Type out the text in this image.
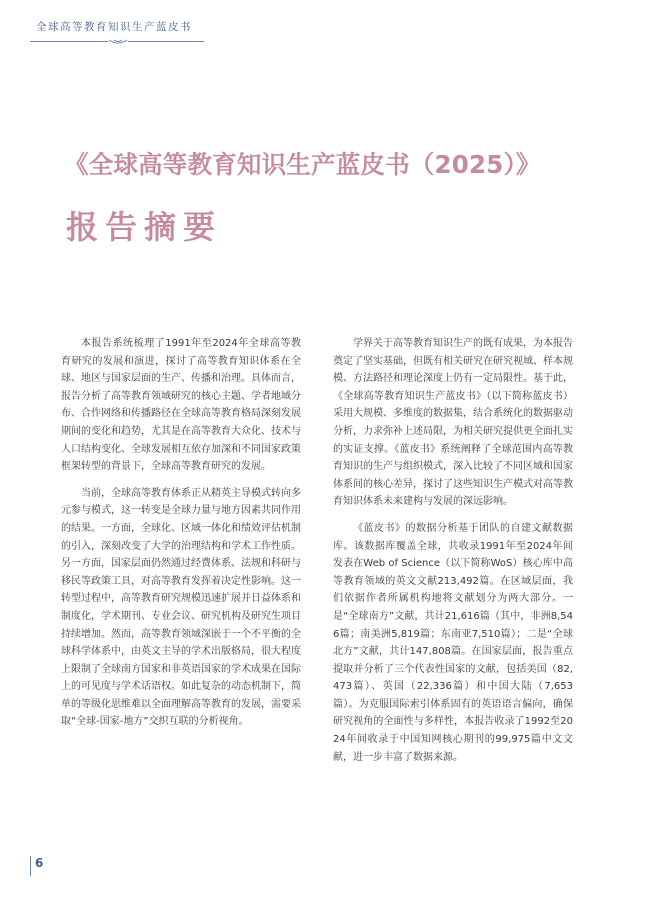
全球高等教育知识生产蓝皮书
《全球高等教育知识生产蓝皮书（2025）》
报告摘要

本报告系统梳理了1991年至2024年全球高等教育研究的发展和演进，探讨了高等教育知识体系在全球、地区与国家层面的生产、传播和治理。具体而言，报告分析了高等教育领域研究的核心主题、学者地域分布、合作网络和传播路径在全球高等教育格局深刻发展期间的变化和趋势，尤其是在高等教育大众化、技术与人口结构变化、全球发展相互依存加深和不同国家政策框架转型的背景下，全球高等教育研究的发展。

当前，全球高等教育体系正从精英主导模式转向多元参与模式，这一转变是全球力量与地方因素共同作用的结果。一方面，全球化、区域一体化和绩效评估机制的引入，深刻改变了大学的治理结构和学术工作性质。另一方面，国家层面仍然通过经费体系、法规和科研与移民等政策工具，对高等教育发挥着决定性影响。这一转型过程中，高等教育研究规模迅速扩展并日益体系和制度化，学术期刊、专业会议、研究机构及研究生项目持续增加。然而，高等教育领域深嵌于一个不平衡的全球科学体系中，由英文主导的学术出版格局，很大程度上限制了全球南方国家和非英语国家的学术成果在国际上的可见度与学术话语权。如此复杂的动态机制下，简单的等级化思维难以全面理解高等教育的发展，需要采取“全球-国家-地方”交织互联的分析视角。

学界关于高等教育知识生产的既有成果，为本报告奠定了坚实基础，但既有相关研究在研究视域、样本规模、方法路径和理论深度上仍有一定局限性。基于此，《全球高等教育知识生产蓝皮书》（以下简称蓝皮书）采用大规模、多维度的数据集，结合系统化的数据驱动分析，力求弥补上述局限，为相关研究提供更全面扎实的实证支撑。《蓝皮书》系统阐释了全球范围内高等教育知识的生产与组织模式，深入比较了不同区域和国家体系间的核心差异，探讨了这些知识生产模式对高等教育知识体系未来建构与发展的深远影响。

《蓝皮书》的数据分析基于团队的自建文献数据库。该数据库覆盖全球，共收录1991年至2024年间发表在Web of Science（以下简称WoS）核心库中高等教育领域的英文文献213,492篇。在区域层面，我们依据作者所属机构地将文献划分为两大部分。一是“全球南方”文献，共计21,616篇（其中，非洲8,546篇；南美洲5,819篇；东南亚7,510篇）；二是“全球北方”文献，共计147,808篇。在国家层面，报告重点提取并分析了三个代表性国家的文献，包括美国（82,473篇）、英国（22,336篇）和中国大陆（7,653篇）。为克服国际索引体系固有的英语语言偏向，确保研究视角的全面性与多样性，本报告收录了1992至2024年间收录于中国知网核心期刊的99,975篇中文文献，进一步丰富了数据来源。

6
